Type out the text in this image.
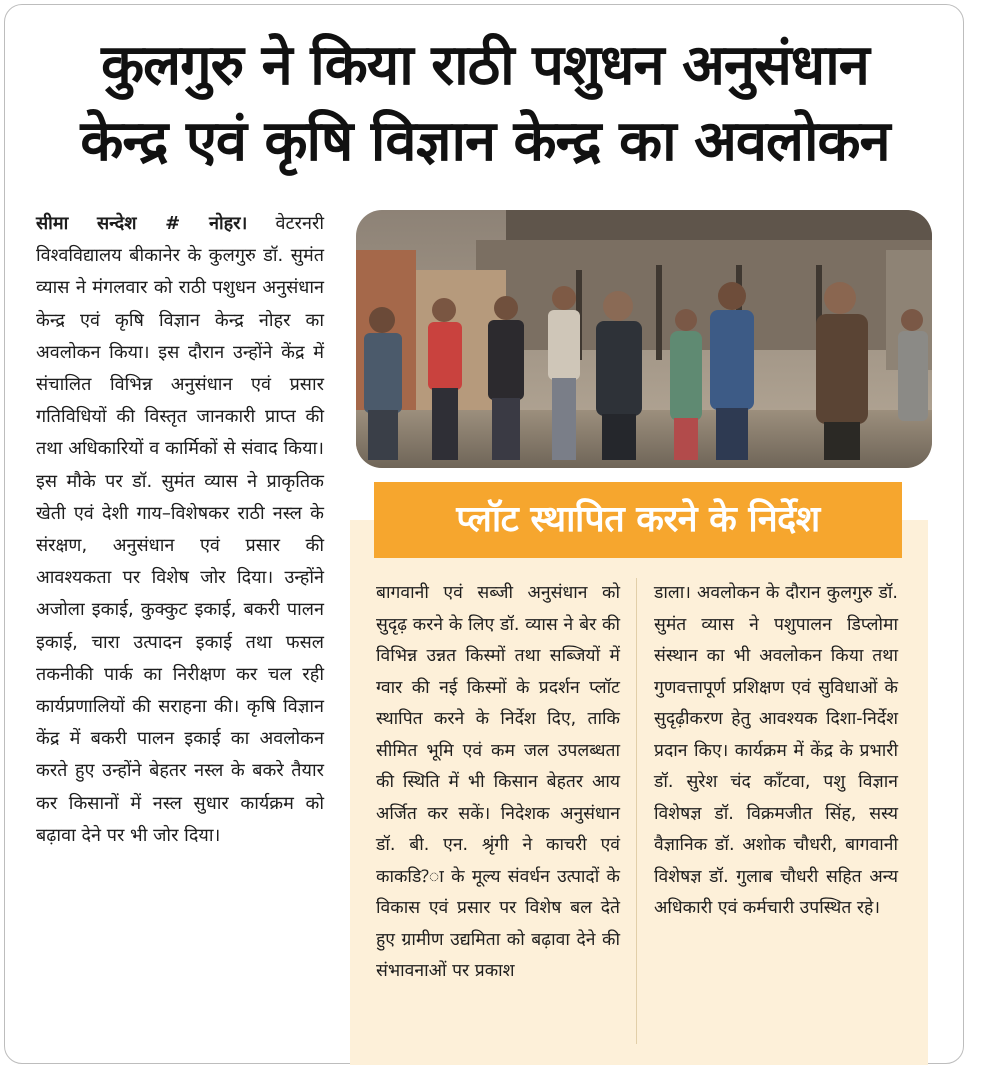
कुलगुरु ने किया राठी पशुधन अनुसंधान
केन्द्र एवं कृषि विज्ञान केन्द्र का अवलोकन
सीमा सन्देश # नोहर। वेटरनरी विश्वविद्यालय बीकानेर के कुलगुरु डॉ. सुमंत व्यास ने मंगलवार को राठी पशुधन अनुसंधान केन्द्र एवं कृषि विज्ञान केन्द्र नोहर का अवलोकन किया। इस दौरान उन्होंने केंद्र में संचालित विभिन्न अनुसंधान एवं प्रसार गतिविधियों की विस्तृत जानकारी प्राप्त की तथा अधिकारियों व कार्मिकों से संवाद किया। इस मौके पर डॉ. सुमंत व्यास ने प्राकृतिक खेती एवं देशी गाय–विशेषकर राठी नस्ल के संरक्षण, अनुसंधान एवं प्रसार की आवश्यकता पर विशेष जोर दिया। उन्होंने अजोला इकाई, कुक्कुट इकाई, बकरी पालन इकाई, चारा उत्पादन इकाई तथा फसल तकनीकी पार्क का निरीक्षण कर चल रही कार्यप्रणालियों की सराहना की। कृषि विज्ञान केंद्र में बकरी पालन इकाई का अवलोकन करते हुए उन्होंने बेहतर नस्ल के बकरे तैयार कर किसानों में नस्ल सुधार कार्यक्रम को बढ़ावा देने पर भी जोर दिया।
प्लॉट स्थापित करने के निर्देश
बागवानी एवं सब्जी अनुसंधान को सुदृढ़ करने के लिए डॉ. व्यास ने बेर की विभिन्न उन्नत किस्मों तथा सब्जियों में ग्वार की नई किस्मों के प्रदर्शन प्लॉट स्थापित करने के निर्देश दिए, ताकि सीमित भूमि एवं कम जल उपलब्धता की स्थिति में भी किसान बेहतर आय अर्जित कर सकें। निदेशक अनुसंधान डॉ. बी. एन. श्रृंगी ने काचरी एवं काकडि?ा के मूल्य संवर्धन उत्पादों के विकास एवं प्रसार पर विशेष बल देते हुए ग्रामीण उद्यमिता को बढ़ावा देने की संभावनाओं पर प्रकाश
डाला। अवलोकन के दौरान कुलगुरु डॉ. सुमंत व्यास ने पशुपालन डिप्लोमा संस्थान का भी अवलोकन किया तथा गुणवत्तापूर्ण प्रशिक्षण एवं सुविधाओं के सुदृढ़ीकरण हेतु आवश्यक दिशा-निर्देश प्रदान किए। कार्यक्रम में केंद्र के प्रभारी डॉ. सुरेश चंद काँटवा, पशु विज्ञान विशेषज्ञ डॉ. विक्रमजीत सिंह, सस्य वैज्ञानिक डॉ. अशोक चौधरी, बागवानी विशेषज्ञ डॉ. गुलाब चौधरी सहित अन्य अधिकारी एवं कर्मचारी उपस्थित रहे।
